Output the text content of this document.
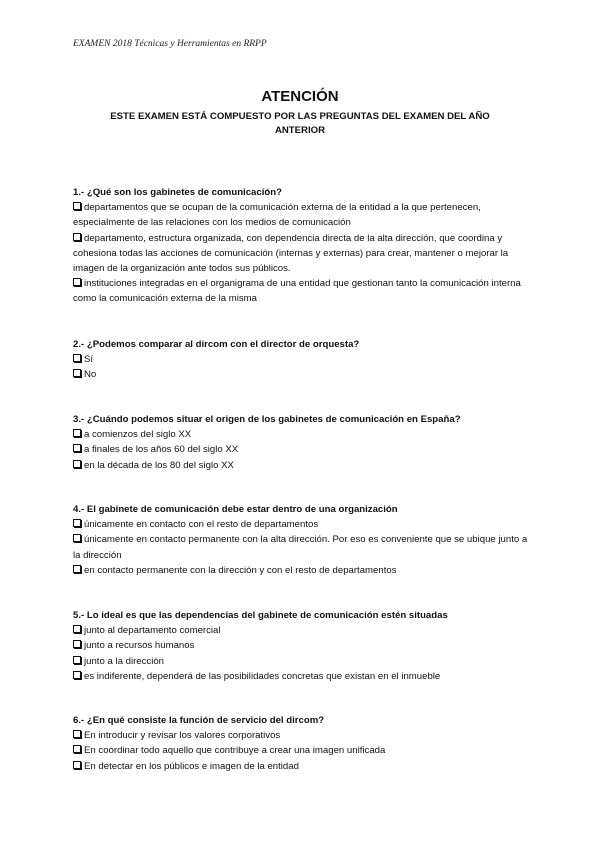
EXAMEN 2018 Técnicas y Herramientas en RRPP
ATENCIÓN
ESTE EXAMEN ESTÁ COMPUESTO POR LAS PREGUNTAS DEL EXAMEN DEL AÑO ANTERIOR
1.- ¿Qué son los gabinetes de comunicación?
departamentos que se ocupan de la comunicación externa de la entidad a la que pertenecen, especialmente de las relaciones con los medios de comunicación
departamento, estructura organizada, con dependencia directa de la alta dirección, que coordina y cohesiona todas las acciones de comunicación (internas y externas) para crear, mantener o mejorar la imagen de la organización ante todos sus públicos.
instituciones integradas en el organigrama de una entidad que gestionan tanto la comunicación interna como la comunicación externa de la misma
2.- ¿Podemos comparar al dircom con el director de orquesta?
Sí
No
3.- ¿Cuándo podemos situar el origen de los gabinetes de comunicación en España?
a comienzos del siglo XX
a finales de los años 60 del siglo XX
en la década de los 80 del siglo XX
4.- El gabinete de comunicación debe estar dentro de una organización
únicamente en contacto con el resto de departamentos
únicamente en contacto permanente con la alta dirección. Por eso es conveniente que se ubique junto a la dirección
en contacto permanente con la dirección y con el resto de departamentos
5.- Lo ideal es que las dependencias del gabinete de comunicación estén situadas
junto al departamento comercial
junto a recursos humanos
junto a la dirección
es indiferente, dependerá de las posibilidades concretas que existan en el inmueble
6.- ¿En qué consiste la función de servicio del dircom?
En introducir y revisar los valores corporativos
En coordinar todo aquello que contribuye a crear una imagen unificada
En detectar en los públicos e imagen de la entidad
